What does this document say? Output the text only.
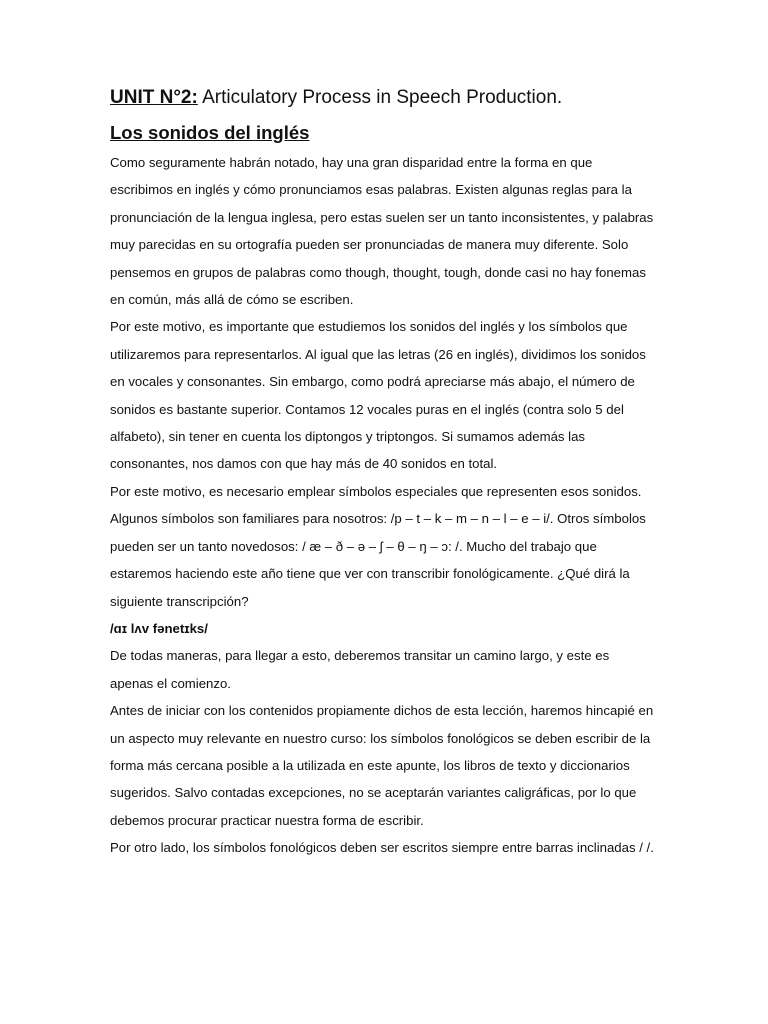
UNIT N°2: Articulatory Process in Speech Production.
Los sonidos del inglés

Como seguramente habrán notado, hay una gran disparidad entre la forma en que escribimos en inglés y cómo pronunciamos esas palabras. Existen algunas reglas para la pronunciación de la lengua inglesa, pero estas suelen ser un tanto inconsistentes, y palabras muy parecidas en su ortografía pueden ser pronunciadas de manera muy diferente. Solo pensemos en grupos de palabras como though, thought, tough, donde casi no hay fonemas en común, más allá de cómo se escriben.

Por este motivo, es importante que estudiemos los sonidos del inglés y los símbolos que utilizaremos para representarlos. Al igual que las letras (26 en inglés), dividimos los sonidos en vocales y consonantes. Sin embargo, como podrá apreciarse más abajo, el número de sonidos es bastante superior. Contamos 12 vocales puras en el inglés (contra solo 5 del alfabeto), sin tener en cuenta los diptongos y triptongos. Si sumamos además las consonantes, nos damos con que hay más de 40 sonidos en total.

Por este motivo, es necesario emplear símbolos especiales que representen esos sonidos. Algunos símbolos son familiares para nosotros: /p – t – k – m – n – l – e – i/. Otros símbolos pueden ser un tanto novedosos: / æ – ð – ə – ʃ – θ – ŋ – ɔ: /. Mucho del trabajo que estaremos haciendo este año tiene que ver con transcribir fonológicamente. ¿Qué dirá la siguiente transcripción?

/ɑɪ lʌv fənetɪks/

De todas maneras, para llegar a esto, deberemos transitar un camino largo, y este es apenas el comienzo.

Antes de iniciar con los contenidos propiamente dichos de esta lección, haremos hincapié en un aspecto muy relevante en nuestro curso: los símbolos fonológicos se deben escribir de la forma más cercana posible a la utilizada en este apunte, los libros de texto y diccionarios sugeridos. Salvo contadas excepciones, no se aceptarán variantes caligráficas, por lo que debemos procurar practicar nuestra forma de escribir.

Por otro lado, los símbolos fonológicos deben ser escritos siempre entre barras inclinadas / /.
